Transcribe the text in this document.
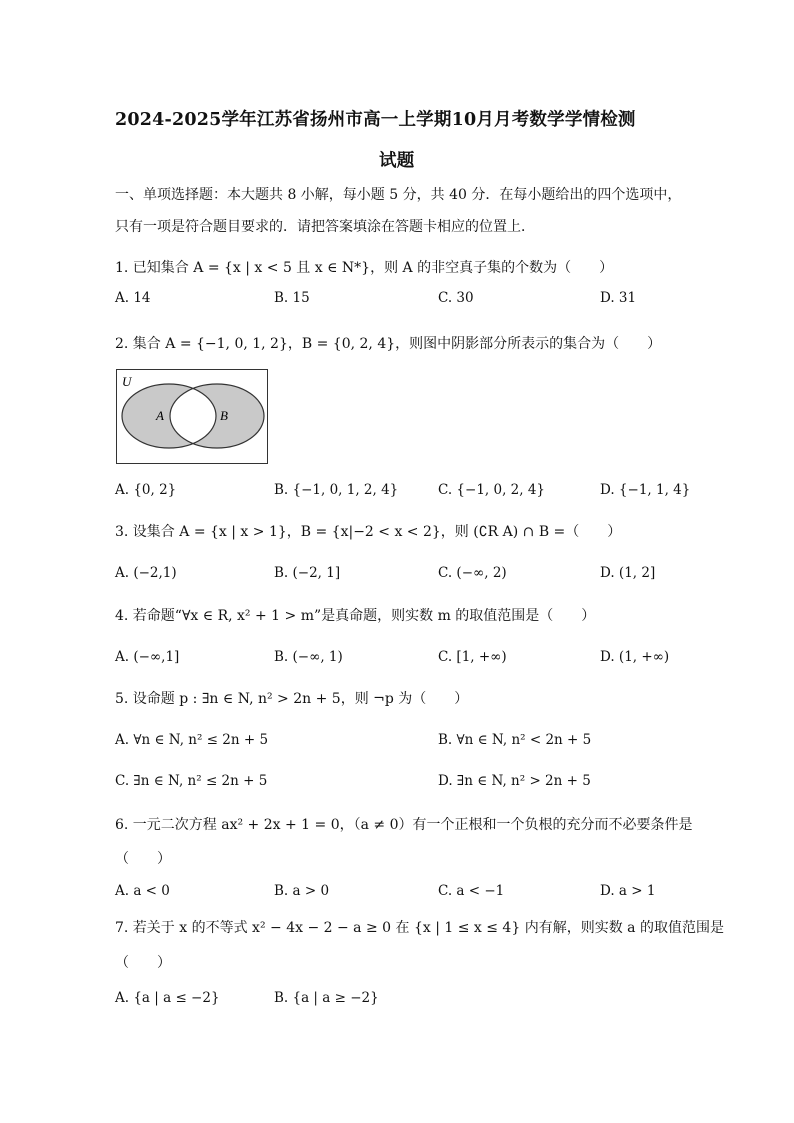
2024-2025学年江苏省扬州市高一上学期10月月考数学学情检测
试题
一、单项选择题：本大题共 8 小解，每小题 5 分，共 40 分．在每小题给出的四个选项中，
只有一项是符合题目要求的．请把答案填涂在答题卡相应的位置上．
1. 已知集合 A = {x | x < 5 且 x ∈ N*}，则 A 的非空真子集的个数为（　　）
A. 14	B. 15	C. 30	D. 31
2. 集合 A = {−1, 0, 1, 2}，B = {0, 2, 4}，则图中阴影部分所表示的集合为（　　）
U
A	B
A. {0, 2}	B. {−1, 0, 1, 2, 4}	C. {−1, 0, 2, 4}	D. {−1, 1, 4}
3. 设集合 A = {x | x > 1}，B = {x|−2 < x < 2}，则 (∁R A) ∩ B =（　　）
A. (−2,1)	B. (−2, 1]	C. (−∞, 2)	D. (1, 2]
4. 若命题“∀x ∈ R, x² + 1 > m”是真命题，则实数 m 的取值范围是（　　）
A. (−∞,1]	B. (−∞, 1)	C. [1, +∞)	D. (1, +∞)
5. 设命题 p : ∃n ∈ N, n² > 2n + 5，则 ¬p 为（　　）
A. ∀n ∈ N, n² ≤ 2n + 5	B. ∀n ∈ N, n² < 2n + 5
C. ∃n ∈ N, n² ≤ 2n + 5	D. ∃n ∈ N, n² > 2n + 5
6. 一元二次方程 ax² + 2x + 1 = 0，（a ≠ 0）有一个正根和一个负根的充分而不必要条件是
（　　）
A. a < 0	B. a > 0	C. a < −1	D. a > 1
7. 若关于 x 的不等式 x² − 4x − 2 − a ≥ 0 在 {x | 1 ≤ x ≤ 4} 内有解，则实数 a 的取值范围是
（　　）
A. {a | a ≤ −2}	B. {a | a ≥ −2}
